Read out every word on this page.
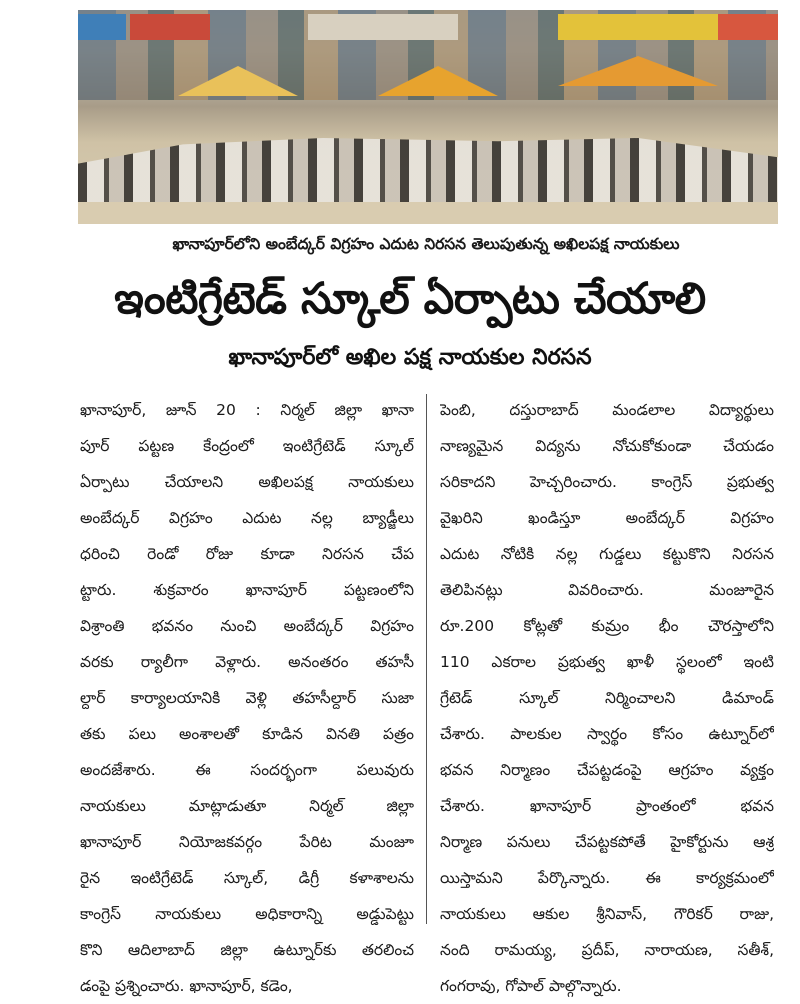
ఖానాపూర్‌లోని అంబేద్కర్ విగ్రహం ఎదుట నిరసన తెలుపుతున్న అఖిలపక్ష నాయకులు
ఇంటిగ్రేటెడ్ స్కూల్ ఏర్పాటు చేయాలి
ఖానాపూర్‌లో అఖిల పక్ష నాయకుల నిరసన
ఖానాపూర్, జూన్ 20 : నిర్మల్ జిల్లా ఖానా
పూర్ పట్టణ కేంద్రంలో ఇంటిగ్రేటెడ్ స్కూల్
ఏర్పాటు చేయాలని అఖిలపక్ష నాయకులు
అంబేద్కర్ విగ్రహం ఎదుట నల్ల బ్యాడ్జీలు
ధరించి రెండో రోజు కూడా నిరసన చేప
ట్టారు. శుక్రవారం ఖానాపూర్ పట్టణంలోని
విశ్రాంతి భవనం నుంచి అంబేద్కర్ విగ్రహం
వరకు ర్యాలీగా వెళ్లారు. అనంతరం తహసీ
ల్దార్ కార్యాలయానికి వెళ్లి తహసీల్దార్ సుజా
తకు పలు అంశాలతో కూడిన వినతి పత్రం
అందజేశారు. ఈ సందర్భంగా పలువురు
నాయకులు మాట్లాడుతూ నిర్మల్ జిల్లా
ఖానాపూర్ నియోజకవర్గం పేరిట మంజూ
రైన ఇంటిగ్రేటెడ్ స్కూల్, డిగ్రీ కళాశాలను
కాంగ్రెస్ నాయకులు అధికారాన్ని అడ్డుపెట్టు
కొని ఆదిలాబాద్ జిల్లా ఉట్నూర్‌కు తరలించ
డంపై ప్రశ్నించారు. ఖానాపూర్, కడెం,
పెంబి, దస్తురాబాద్ మండలాల విద్యార్థులు
నాణ్యమైన విద్యను నోచుకోకుండా చేయడం
సరికాదని హెచ్చరించారు. కాంగ్రెస్ ప్రభుత్వ
వైఖరిని ఖండిస్తూ అంబేద్కర్ విగ్రహం
ఎదుట నోటికి నల్ల గుడ్డలు కట్టుకొని నిరసన
తెలిపినట్లు వివరించారు. మంజూరైన
రూ.200 కోట్లతో కుమ్రం భీం చౌరస్తాలోని
110 ఎకరాల ప్రభుత్వ ఖాళీ స్థలంలో ఇంటి
గ్రేటెడ్ స్కూల్ నిర్మించాలని డిమాండ్
చేశారు. పాలకుల స్వార్థం కోసం ఉట్నూర్‌లో
భవన నిర్మాణం చేపట్టడంపై ఆగ్రహం వ్యక్తం
చేశారు. ఖానాపూర్ ప్రాంతంలో భవన
నిర్మాణ పనులు చేపట్టకపోతే హైకోర్టును ఆశ్ర
యిస్తామని పేర్కొన్నారు. ఈ కార్యక్రమంలో
నాయకులు ఆకుల శ్రీనివాస్, గౌరికర్ రాజు,
నంది రామయ్య, ప్రదీప్, నారాయణ, సతీశ్,
గంగరావు, గోపాల్ పాల్గొన్నారు.
